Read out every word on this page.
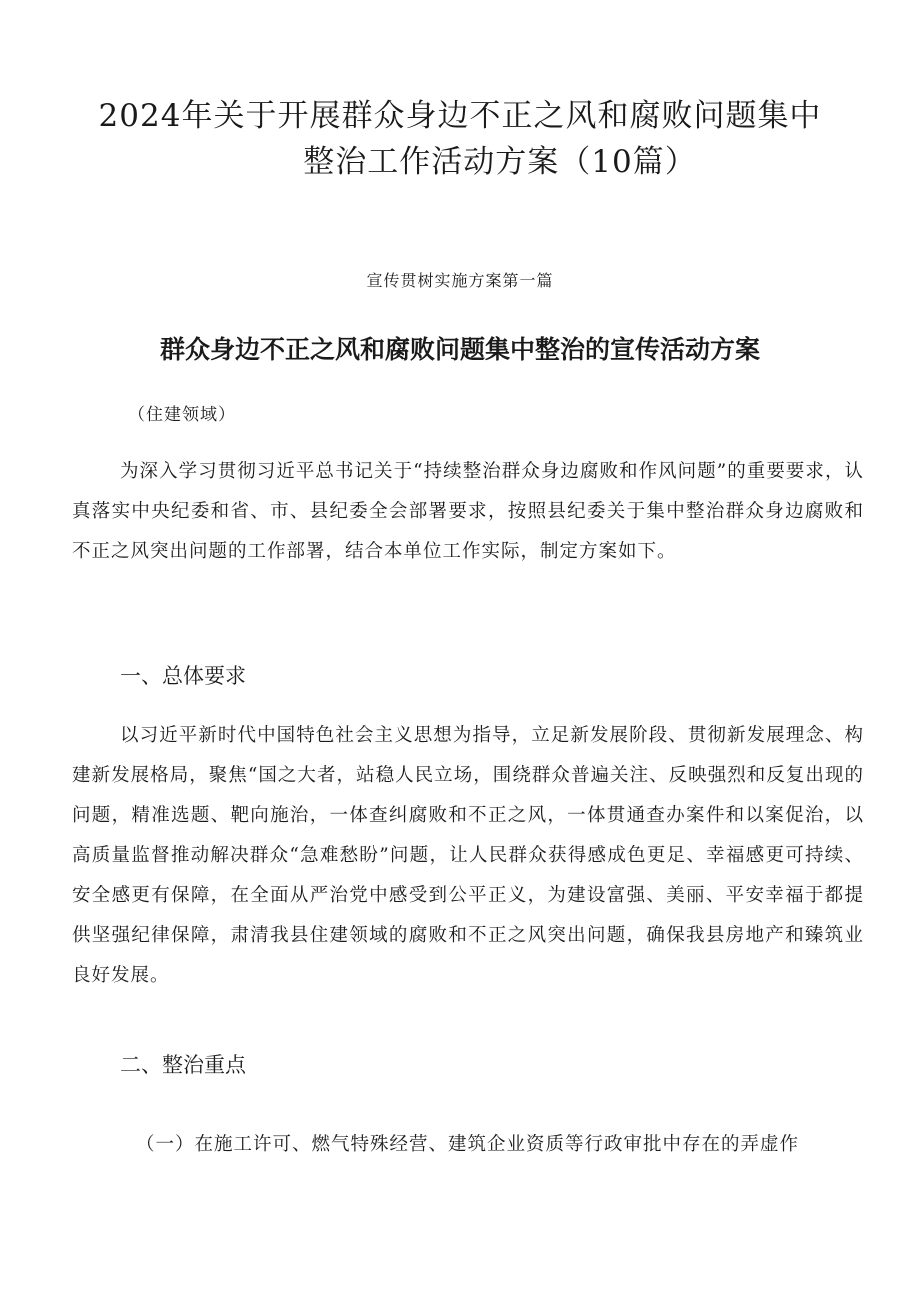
2024年关于开展群众身边不正之风和腐败问题集中
整治工作活动方案（10篇）
宣传贯树实施方案第一篇
群众身边不正之风和腐败问题集中整治的宣传活动方案
（住建领域）

为深入学习贯彻习近平总书记关于“持续整治群众身边腐败和作风问题”的重要要求，认真落实中央纪委和省、市、县纪委全会部署要求，按照县纪委关于集中整治群众身边腐败和不正之风突出问题的工作部署，结合本单位工作实际，制定方案如下。

一、总体要求

以习近平新时代中国特色社会主义思想为指导，立足新发展阶段、贯彻新发展理念、构建新发展格局，聚焦“国之大者，站稳人民立场，围绕群众普遍关注、反映强烈和反复出现的问题，精准选题、靶向施治，一体查纠腐败和不正之风，一体贯通查办案件和以案促治，以高质量监督推动解决群众“急难愁盼”问题，让人民群众获得感成色更足、幸福感更可持续、安全感更有保障，在全面从严治党中感受到公平正义，为建设富强、美丽、平安幸福于都提供坚强纪律保障，肃清我县住建领域的腐败和不正之风突出问题，确保我县房地产和臻筑业良好发展。

二、整治重点
（一）在施工许可、燃气特殊经营、建筑企业资质等行政审批中存在的弄虚作
